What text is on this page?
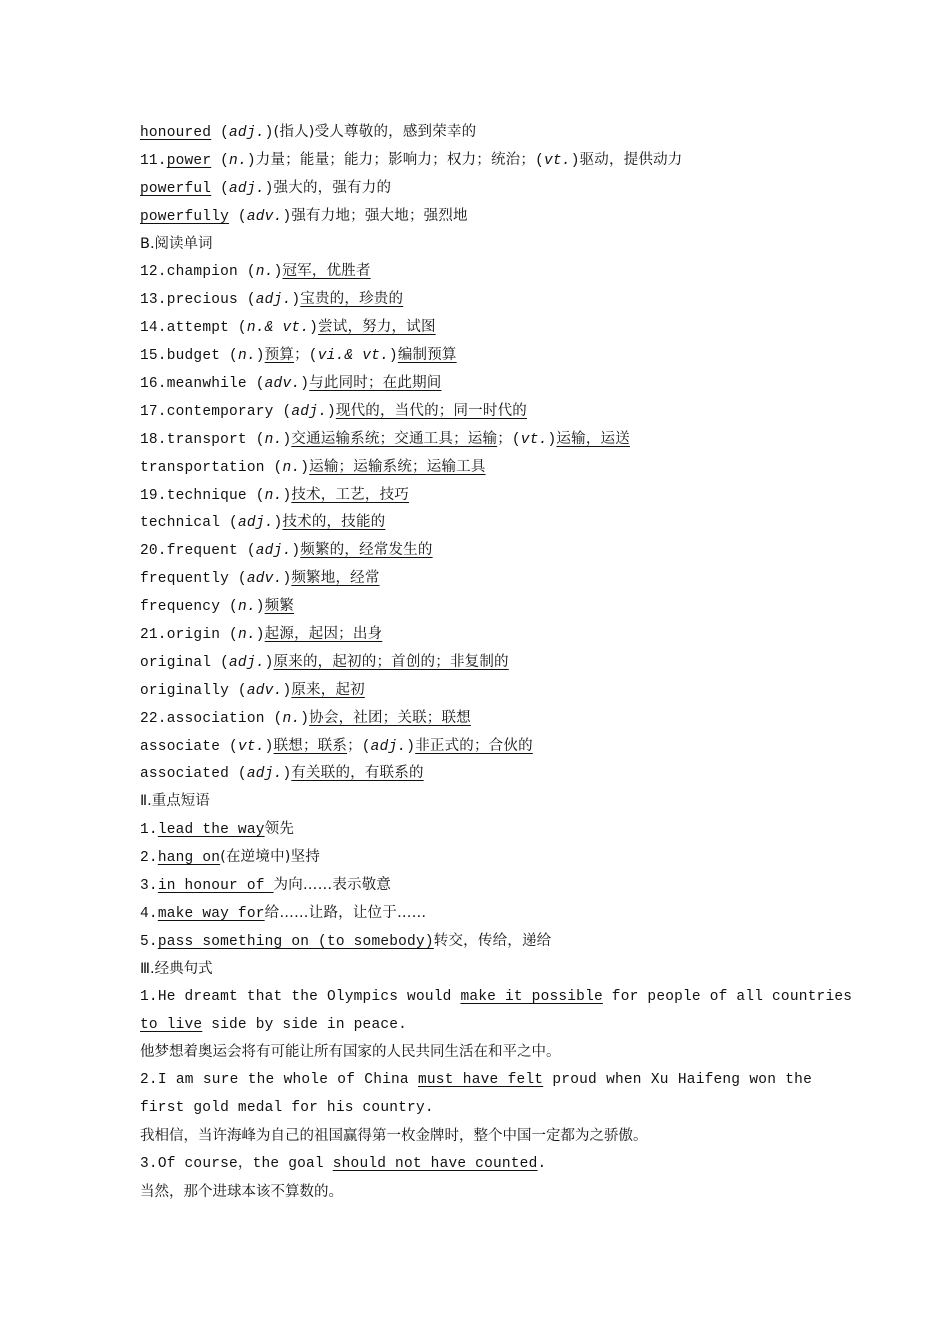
honoured (adj.)(指人)受人尊敬的，感到荣幸的
11.power (n.)力量；能量；能力；影响力；权力；统治；(vt.)驱动，提供动力
powerful (adj.)强大的，强有力的
powerfully (adv.)强有力地；强大地；强烈地
B.阅读单词
12.champion (n.)冠军，优胜者
13.precious (adj.)宝贵的，珍贵的
14.attempt (n.& vt.)尝试，努力，试图
15.budget (n.)预算；(vi.& vt.)编制预算
16.meanwhile (adv.)与此同时；在此期间
17.contemporary (adj.)现代的，当代的；同一时代的
18.transport (n.)交通运输系统；交通工具；运输；(vt.)运输，运送
transportation (n.)运输；运输系统；运输工具
19.technique (n.)技术，工艺，技巧
technical (adj.)技术的，技能的
20.frequent (adj.)频繁的，经常发生的
frequently (adv.)频繁地，经常
frequency (n.)频繁
21.origin (n.)起源，起因；出身
original (adj.)原来的，起初的；首创的；非复制的
originally (adv.)原来，起初
22.association (n.)协会，社团；关联；联想
associate (vt.)联想；联系；(adj.)非正式的；合伙的
associated (adj.)有关联的，有联系的
Ⅱ.重点短语
1.lead the way领先
2.hang on(在逆境中)坚持
3.in honour of 为向……表示敬意
4.make way for给……让路，让位于……
5.pass something on (to somebody)转交，传给，递给
Ⅲ.经典句式
1.He dreamt that the Olympics would make it possible for people of all countries
to live side by side in peace.
他梦想着奥运会将有可能让所有国家的人民共同生活在和平之中。
2.I am sure the whole of China must have felt proud when Xu Haifeng won the
first gold medal for his country.
我相信，当许海峰为自己的祖国赢得第一枚金牌时，整个中国一定都为之骄傲。
3.Of course，the goal should not have counted.
当然，那个进球本该不算数的。
